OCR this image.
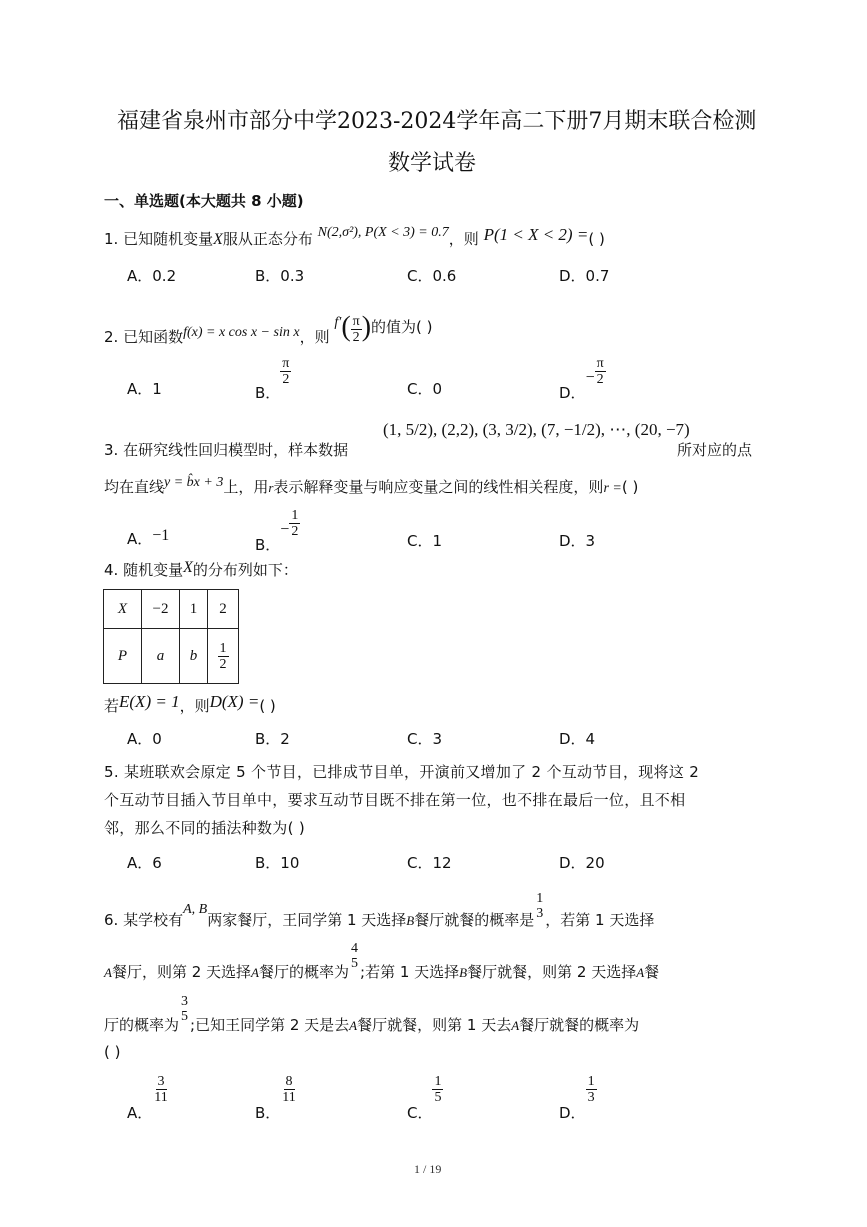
福建省泉州市部分中学2023-2024学年高二下册7月期末联合检测
数学试卷
一、单选题(本大题共 8 小题)
1. 已知随机变量X服从正态分布 N(2,σ²), P(X < 3) = 0.7，则 P(1 < X < 2) =( )
A．0.2	B．0.3	C．0.6	D．0.7
2. 已知函数f(x) = x cos x − sin x，则 $f'( \frac{\pi}{2}$ )的值为( )
A．1	B．
$\frac{\pi}{2}$
C．0	D．− $\frac{\pi}{2}$
3. 在研究线性回归模型时，样本数据
(1, 5/2), (2,2), (3, 3/2), (7, −1/2), ⋯, (20, −7)
所对应的点
均在直线y = b̂x + 3上，用r表示解释变量与响应变量之间的线性相关程度，则r =( )
A．−1
B．− $\frac{1}{2}$
C．1	D．3
4. 随机变量X的分布列如下：
X	−2	1	2
P	a	b	$\frac{1}{2}$
若E(X) = 1，则D(X) =( )
A．0	B．2	C．3	D．4
5. 某班联欢会原定 5 个节目，已排成节目单，开演前又增加了 2 个互动节目，现将这 2
个互动节目插入节目单中，要求互动节目既不排在第一位，也不排在最后一位，且不相
邻，那么不同的插法种数为( )
A．6	B．10	C．12	D．20
6. 某学校有A, B两家餐厅，王同学第 1 天选择B餐厅就餐的概率是
1
3 ，若第 1 天选择
A餐厅，则第 2 天选择A餐厅的概率为
4
5 ;若第 1 天选择B餐厅就餐，则第 2 天选择A餐
厅的概率为
3
5 ;已知王同学第 2 天是去A餐厅就餐，则第 1 天去A餐厅就餐的概率为
( )
A．
$\frac{3}{11}$
B．
$\frac{8}{11}$
C．
$\frac{1}{5}$
D．
$\frac{1}{3}$
1 / 19
